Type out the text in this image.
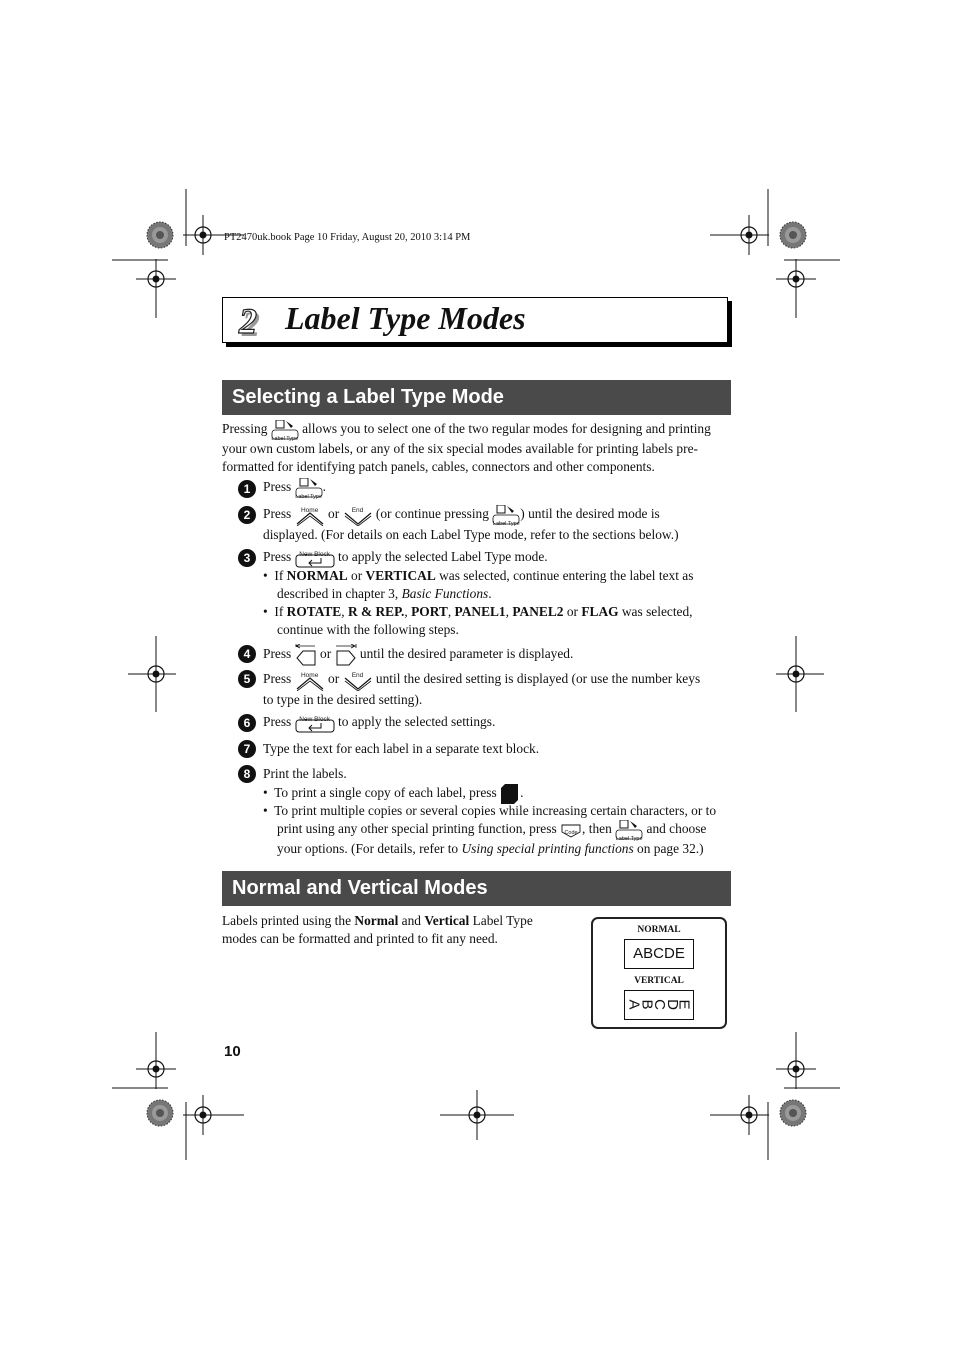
PT2470uk.book Page 10 Friday, August 20, 2010 3:14 PM
2 Label Type Modes
Selecting a Label Type Mode
Pressing
Label Type
allows you to select one of the two regular modes for designing and printing
your own custom labels, or any of the six special modes available for printing labels pre-
formatted for identifying patch panels, cables, connectors and other components.
1 Press
Label Type
.
2 Press	Home or	End (or continue pressing
Label Type
) until the desired mode is
displayed. (For details on each Label Type mode, refer to the sections below.)
3 Press	New Block to apply the selected Label Type mode.
•  If NORMAL or VERTICAL was selected, continue entering the label text as
described in chapter 3, Basic Functions.
•  If ROTATE, R & REP., PORT, PANEL1, PANEL2 or FLAG was selected,
continue with the following steps.
4 Press or until the desired parameter is displayed.
5 Press	Home or	End until the desired setting is displayed (or use the number keys
to type in the desired setting).
6 Press	New Block to apply the selected settings.
7 Type the text for each label in a separate text block.
8 Print the labels.
•  To print a single copy of each label, press .
•  To print multiple copies or several copies while increasing certain characters, or to
print using any other special printing function, press	Code , then
Label Type
and choose
your options. (For details, refer to Using special printing functions on page 32.)
Normal and Vertical Modes
Labels printed using the Normal and Vertical Label Type
modes can be formatted and printed to fit any need.
NORMAL
ABCDE
VERTICAL
A
B
C
D
E
10
